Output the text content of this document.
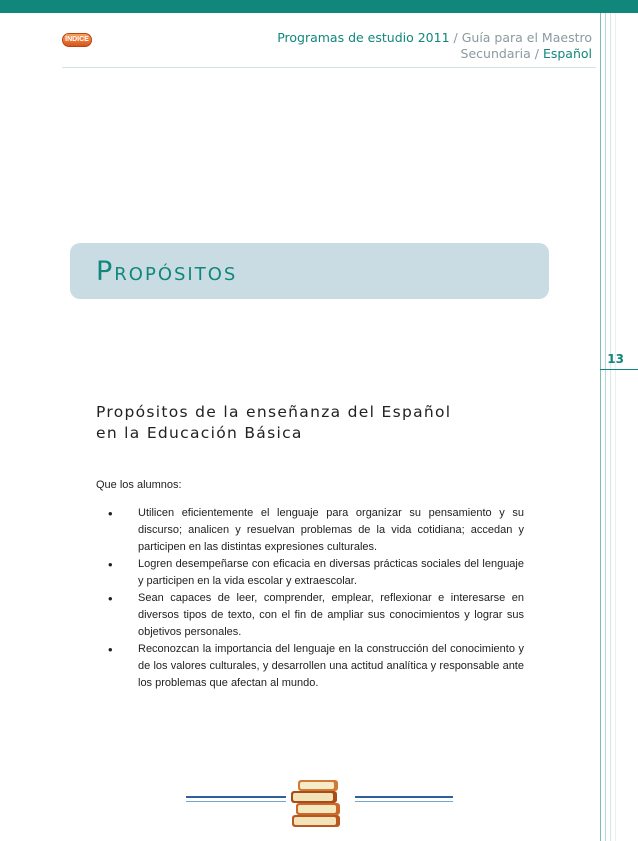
ÍNDICE	Programas de estudio 2011 / Guía para el Maestro
Secundaria / Español
PROPÓSITOS
13
Propósitos de la enseñanza del Español
en la Educación Básica
Que los alumnos:
•	Utilicen eficientemente el lenguaje para organizar su pensamiento y su discurso; analicen y resuelvan problemas de la vida cotidiana; accedan y participen en las distintas expresiones culturales.
•	Logren desempeñarse con eficacia en diversas prácticas sociales del lenguaje y participen en la vida escolar y extraescolar.
•	Sean capaces de leer, comprender, emplear, reflexionar e interesarse en diversos tipos de texto, con el fin de ampliar sus conocimientos y lograr sus objetivos personales.
•	Reconozcan la importancia del lenguaje en la construcción del conocimiento y de los valores culturales, y desarrollen una actitud analítica y responsable ante los problemas que afectan al mundo.
